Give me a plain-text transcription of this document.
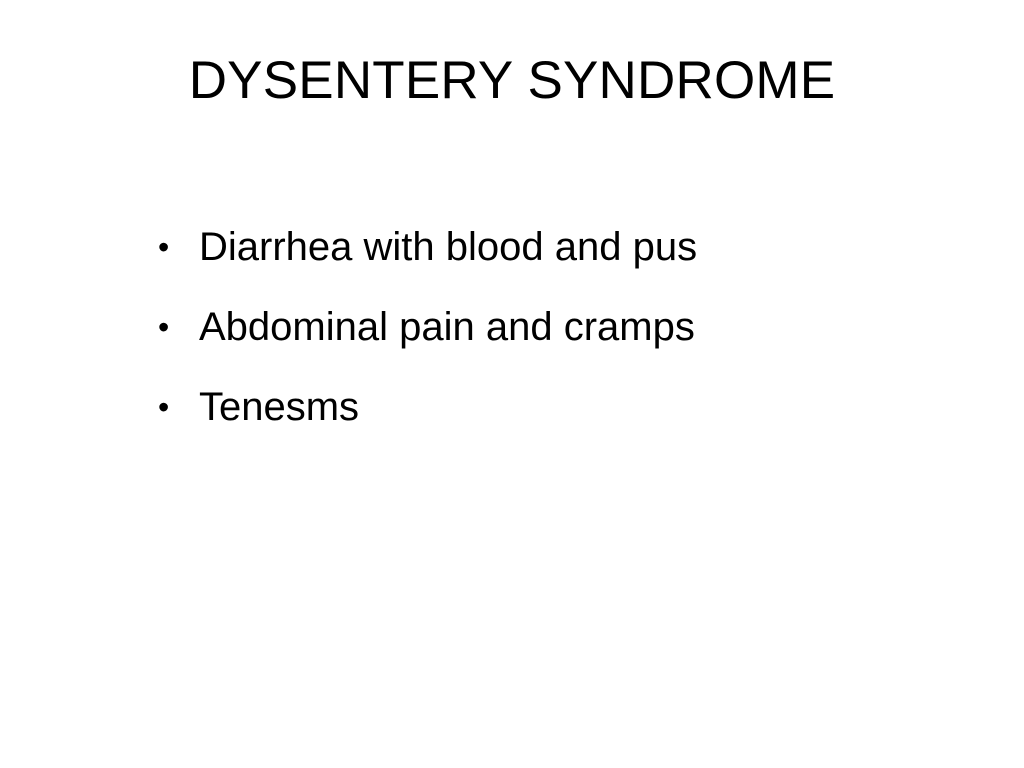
DYSENTERY SYNDROME
• Diarrhea with blood and pus
• Abdominal pain and cramps
• Tenesms
